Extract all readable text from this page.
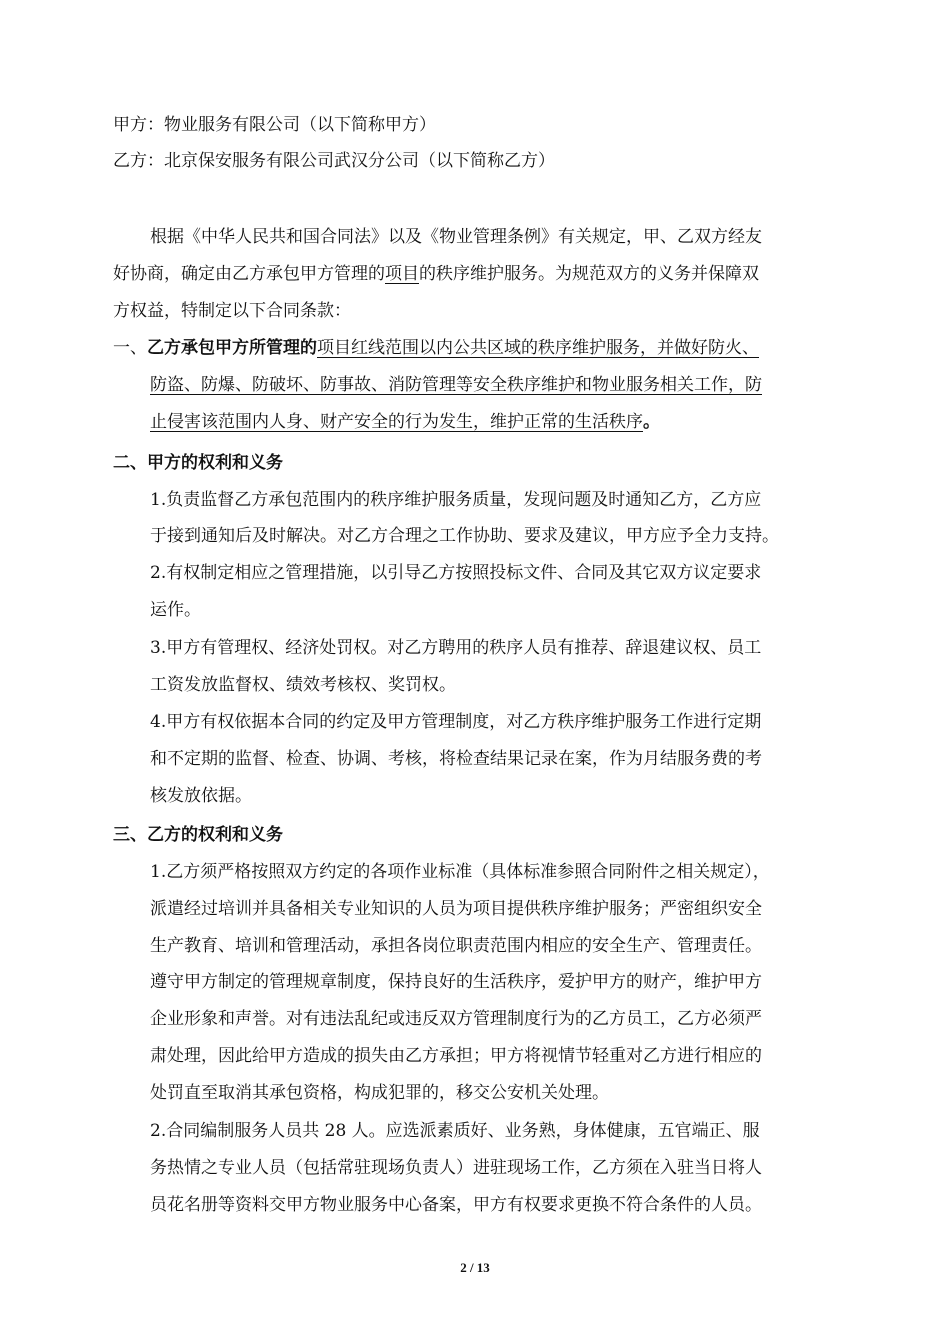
甲方：物业服务有限公司（以下简称甲方）
乙方：北京保安服务有限公司武汉分公司（以下简称乙方）
根据《中华人民共和国合同法》以及《物业管理条例》有关规定，甲、乙双方经友
好协商，确定由乙方承包甲方管理的项目的秩序维护服务。为规范双方的义务并保障双
方权益，特制定以下合同条款：
一、乙方承包甲方所管理的项目红线范围以内公共区域的秩序维护服务，并做好防火、
防盗、防爆、防破坏、防事故、消防管理等安全秩序维护和物业服务相关工作，防
止侵害该范围内人身、财产安全的行为发生，维护正常的生活秩序。
二、甲方的权利和义务
1.负责监督乙方承包范围内的秩序维护服务质量，发现问题及时通知乙方，乙方应
于接到通知后及时解决。对乙方合理之工作协助、要求及建议，甲方应予全力支持。
2.有权制定相应之管理措施，以引导乙方按照投标文件、合同及其它双方议定要求
运作。
3.甲方有管理权、经济处罚权。对乙方聘用的秩序人员有推荐、辞退建议权、员工
工资发放监督权、绩效考核权、奖罚权。
4.甲方有权依据本合同的约定及甲方管理制度，对乙方秩序维护服务工作进行定期
和不定期的监督、检查、协调、考核，将检查结果记录在案，作为月结服务费的考
核发放依据。
三、乙方的权利和义务
1.乙方须严格按照双方约定的各项作业标准（具体标准参照合同附件之相关规定），
派遣经过培训并具备相关专业知识的人员为项目提供秩序维护服务；严密组织安全
生产教育、培训和管理活动，承担各岗位职责范围内相应的安全生产、管理责任。
遵守甲方制定的管理规章制度，保持良好的生活秩序，爱护甲方的财产，维护甲方
企业形象和声誉。对有违法乱纪或违反双方管理制度行为的乙方员工，乙方必须严
肃处理，因此给甲方造成的损失由乙方承担；甲方将视情节轻重对乙方进行相应的
处罚直至取消其承包资格，构成犯罪的，移交公安机关处理。
2.合同编制服务人员共 28 人。应选派素质好、业务熟，身体健康，五官端正、服
务热情之专业人员（包括常驻现场负责人）进驻现场工作，乙方须在入驻当日将人
员花名册等资料交甲方物业服务中心备案，甲方有权要求更换不符合条件的人员。
2 / 13
